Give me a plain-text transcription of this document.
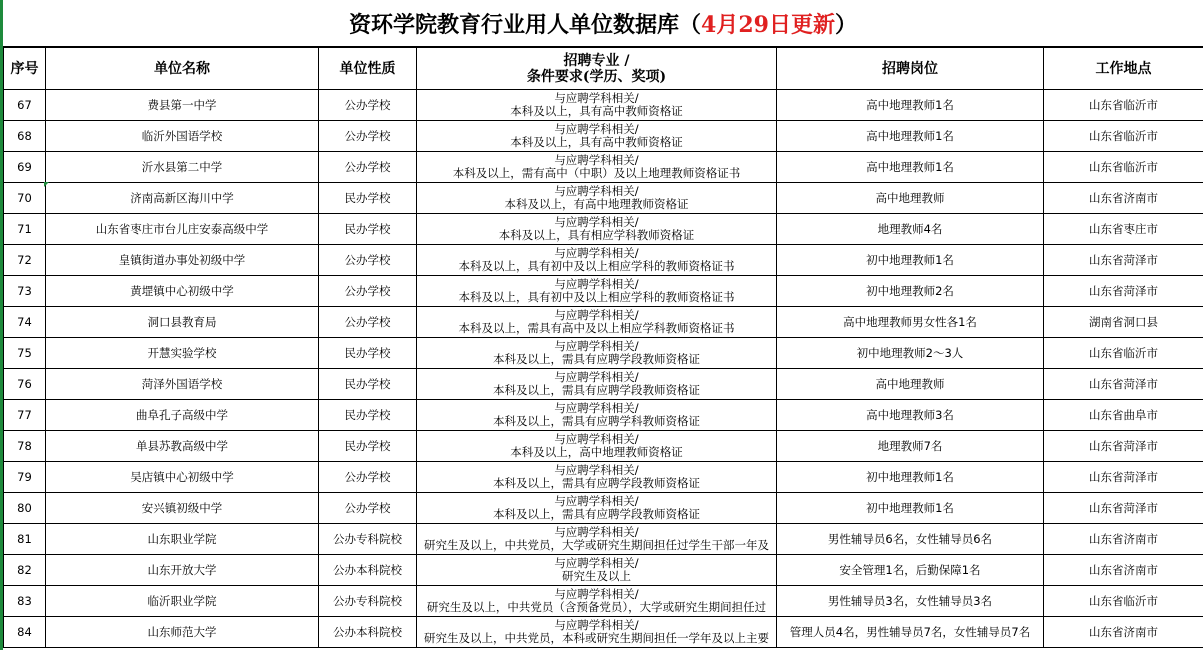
资环学院教育行业用人单位数据库（ 4月29日更新 ）
序号	单位名称	单位性质	招聘专业 /
条件要求(学历、奖项)	招聘岗位	工作地点
67	费县第一中学	公办学校	与应聘学科相关/
本科及以上，具有高中教师资格证	高中地理教师1名	山东省临沂市
68	临沂外国语学校	公办学校	与应聘学科相关/
本科及以上，具有高中教师资格证	高中地理教师1名	山东省临沂市
69	沂水县第二中学	公办学校	与应聘学科相关/
本科及以上，需有高中（中职）及以上地理教师资格证书	高中地理教师1名	山东省临沂市
70	济南高新区海川中学	民办学校	与应聘学科相关/
本科及以上，有高中地理教师资格证	高中地理教师	山东省济南市
71	山东省枣庄市台儿庄安泰高级中学	民办学校	与应聘学科相关/
本科及以上，具有相应学科教师资格证	地理教师4名	山东省枣庄市
72	皇镇街道办事处初级中学	公办学校	与应聘学科相关/
本科及以上，具有初中及以上相应学科的教师资格证书	初中地理教师1名	山东省菏泽市
73	黄堽镇中心初级中学	公办学校	与应聘学科相关/
本科及以上，具有初中及以上相应学科的教师资格证书	初中地理教师2名	山东省菏泽市
74	洞口县教育局	公办学校	与应聘学科相关/
本科及以上，需具有高中及以上相应学科教师资格证书	高中地理教师男女性各1名	湖南省洞口县
75	开慧实验学校	民办学校	与应聘学科相关/
本科及以上，需具有应聘学段教师资格证	初中地理教师2～3人	山东省临沂市
76	菏泽外国语学校	民办学校	与应聘学科相关/
本科及以上，需具有应聘学段教师资格证	高中地理教师	山东省菏泽市
77	曲阜孔子高级中学	民办学校	与应聘学科相关/
本科及以上，需具有应聘学科教师资格证	高中地理教师3名	山东省曲阜市
78	单县苏教高级中学	民办学校	与应聘学科相关/
本科及以上，高中地理教师资格证	地理教师7名	山东省菏泽市
79	吴店镇中心初级中学	公办学校	与应聘学科相关/
本科及以上，需具有应聘学段教师资格证	初中地理教师1名	山东省菏泽市
80	安兴镇初级中学	公办学校	与应聘学科相关/
本科及以上，需具有应聘学段教师资格证	初中地理教师1名	山东省菏泽市
81	山东职业学院	公办专科院校	与应聘学科相关/
研究生及以上，中共党员，大学或研究生期间担任过学生干部一年及	男性辅导员6名，女性辅导员6名	山东省济南市
82	山东开放大学	公办本科院校	与应聘学科相关/
研究生及以上	安全管理1名，后勤保障1名	山东省济南市
83	临沂职业学院	公办专科院校	与应聘学科相关/
研究生及以上，中共党员（含预备党员），大学或研究生期间担任过	男性辅导员3名，女性辅导员3名	山东省临沂市
84	山东师范大学	公办本科院校	与应聘学科相关/
研究生及以上，中共党员，本科或研究生期间担任一学年及以上主要	管理人员4名，男性辅导员7名，女性辅导员7名	山东省济南市
